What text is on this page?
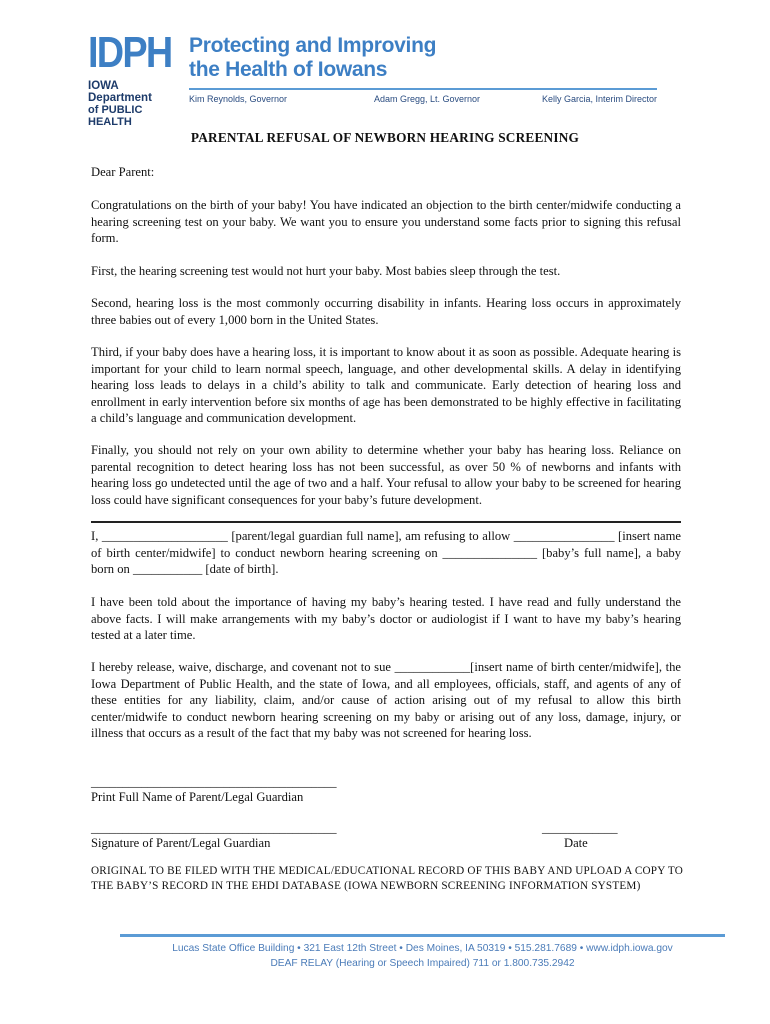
IDPH
IOWA Department
of PUBLIC HEALTH
Protecting and Improving
the Health of Iowans
Kim Reynolds, Governor	Adam Gregg, Lt. Governor	Kelly Garcia, Interim Director
PARENTAL REFUSAL OF NEWBORN HEARING SCREENING
Dear Parent:
Congratulations on the birth of your baby! You have indicated an objection to the birth center/midwife conducting a hearing screening test on your baby. We want you to ensure you understand some facts prior to signing this refusal form.
First, the hearing screening test would not hurt your baby. Most babies sleep through the test.
Second, hearing loss is the most commonly occurring disability in infants. Hearing loss occurs in approximately three babies out of every 1,000 born in the United States.
Third, if your baby does have a hearing loss, it is important to know about it as soon as possible. Adequate hearing is important for your child to learn normal speech, language, and other developmental skills. A delay in identifying hearing loss leads to delays in a child’s ability to talk and communicate. Early detection of hearing loss and enrollment in early intervention before six months of age has been demonstrated to be highly effective in facilitating a child’s language and communication development.
Finally, you should not rely on your own ability to determine whether your baby has hearing loss. Reliance on parental recognition to detect hearing loss has not been successful, as over 50 % of newborns and infants with hearing loss go undetected until the age of two and a half. Your refusal to allow your baby to be screened for hearing loss could have significant consequences for your baby’s future development.
I, ____________________ [parent/legal guardian full name], am refusing to allow ________________ [insert name of birth center/midwife] to conduct newborn hearing screening on _______________ [baby’s full name], a baby born on ___________ [date of birth].
I have been told about the importance of having my baby’s hearing tested. I have read and fully understand the above facts. I will make arrangements with my baby’s doctor or audiologist if I want to have my baby’s hearing tested at a later time.
I hereby release, waive, discharge, and covenant not to sue ____________[insert name of birth center/midwife], the Iowa Department of Public Health, and the state of Iowa, and all employees, officials, staff, and agents of any of these entities for any liability, claim, and/or cause of action arising out of my refusal to allow this birth center/midwife to conduct newborn hearing screening on my baby or arising out of any loss, damage, injury, or illness that occurs as a result of the fact that my baby was not screened for hearing loss.
_______________________________________
Print Full Name of Parent/Legal Guardian
_______________________________________
Signature of Parent/Legal Guardian
____________
Date
ORIGINAL TO BE FILED WITH THE MEDICAL/EDUCATIONAL RECORD OF THIS BABY AND UPLOAD A COPY TO THE BABY’S RECORD IN THE EHDI DATABASE (IOWA NEWBORN SCREENING INFORMATION SYSTEM)
Lucas State Office Building • 321 East 12th Street • Des Moines, IA 50319 • 515.281.7689 • www.idph.iowa.gov
DEAF RELAY (Hearing or Speech Impaired) 711 or 1.800.735.2942
